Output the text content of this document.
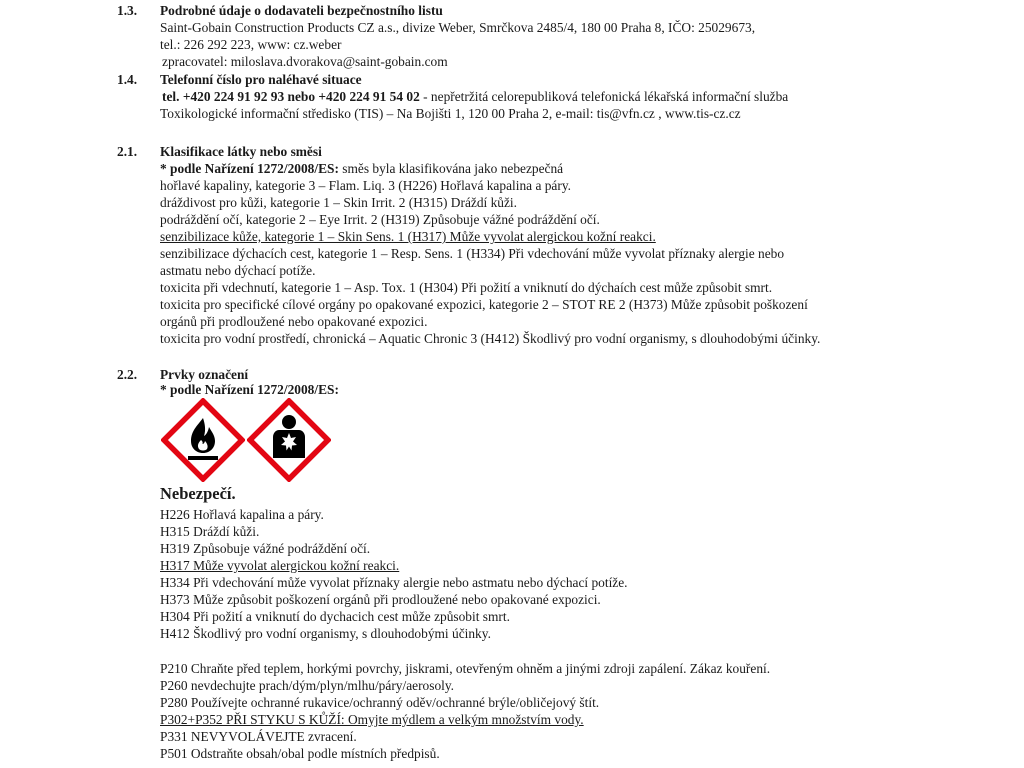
1.3. Podrobné údaje o dodavateli bezpečnostního listu
Saint-Gobain Construction Products CZ a.s., divize Weber, Smrčkova 2485/4, 180 00 Praha 8, IČO: 25029673,
tel.: 226 292 223, www: cz.weber
zpracovatel: miloslava.dvorakova@saint-gobain.com
1.4. Telefonní číslo pro naléhavé situace
tel. +420 224 91 92 93 nebo +420 224 91 54 02 - nepřetržitá celorepubliková telefonická lékařská informační služba
Toxikologické informační středisko (TIS) – Na Bojišti 1, 120 00 Praha 2, e-mail: tis@vfn.cz , www.tis-cz.cz
2.1. Klasifikace látky nebo směsi
* podle Nařízení 1272/2008/ES: směs byla klasifikována jako nebezpečná
hořlavé kapaliny, kategorie 3 – Flam. Liq. 3 (H226) Hořlavá kapalina a páry.
dráždivost pro kůži, kategorie 1 – Skin Irrit. 2 (H315) Dráždí kůži.
podráždění očí, kategorie 2 – Eye Irrit. 2 (H319) Způsobuje vážné podráždění očí.
senzibilizace kůže, kategorie 1 – Skin Sens. 1 (H317) Může vyvolat alergickou kožní reakci.
senzibilizace dýchacích cest, kategorie 1 – Resp. Sens. 1 (H334) Při vdechování může vyvolat příznaky alergie nebo
astmatu nebo dýchací potíže.
toxicita při vdechnutí, kategorie 1 – Asp. Tox. 1 (H304) Při požití a vniknutí do dýchaích cest může způsobit smrt.
toxicita pro specifické cílové orgány po opakované expozici, kategorie 2 – STOT RE 2 (H373) Může způsobit poškození
orgánů při prodloužené nebo opakované expozici.
toxicita pro vodní prostředí, chronická – Aquatic Chronic 3 (H412) Škodlivý pro vodní organismy, s dlouhodobými účinky.
2.2. Prvky označení
* podle Nařízení 1272/2008/ES:
Nebezpečí.
H226 Hořlavá kapalina a páry.
H315 Dráždí kůži.
H319 Způsobuje vážné podráždění očí.
H317 Může vyvolat alergickou kožní reakci.
H334 Při vdechování může vyvolat příznaky alergie nebo astmatu nebo dýchací potíže.
H373 Může způsobit poškození orgánů při prodloužené nebo opakované expozici.
H304 Při požití a vniknutí do dychacich cest může způsobit smrt.
H412 Škodlivý pro vodní organismy, s dlouhodobými účinky.
P210 Chraňte před teplem, horkými povrchy, jiskrami, otevřeným ohněm a jinými zdroji zapálení. Zákaz kouření.
P260 nevdechujte prach/dým/plyn/mlhu/páry/aerosoly.
P280 Používejte ochranné rukavice/ochranný oděv/ochranné brýle/obličejový štít.
P302+P352 PŘI STYKU S KŮŽÍ: Omyjte mýdlem a velkým množstvím vody.
P331 NEVYVOLÁVEJTE zvracení.
P501 Odstraňte obsah/obal podle místních předpisů.
